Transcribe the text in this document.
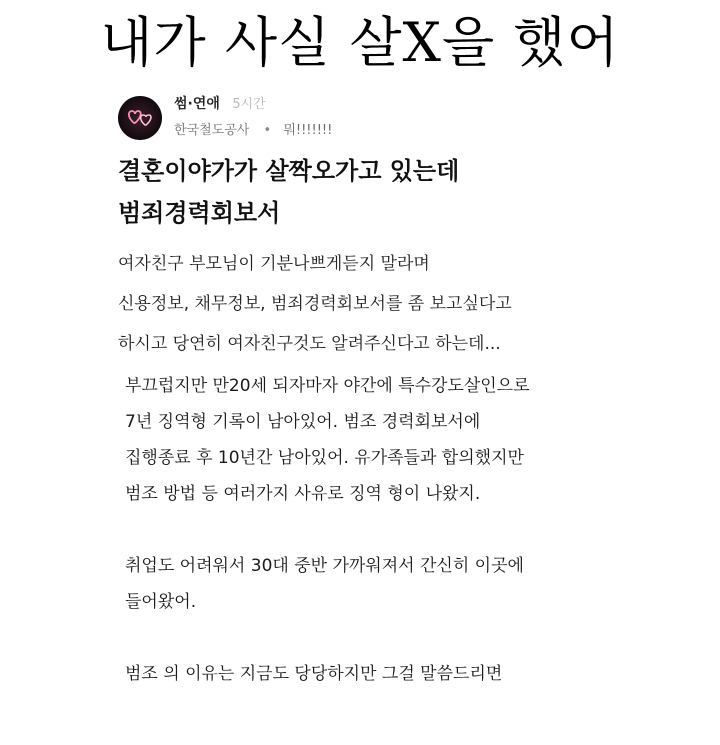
내가 사실 살X을 했어
썸·연애 5시간
한국철도공사 • 뭐!!!!!!!
결혼이야가가 살짝오가고 있는데
범죄경력회보서
여자친구 부모님이 기분나쁘게듣지 말라며
신용정보, 채무정보, 범죄경력회보서를 좀 보고싶다고
하시고 당연히 여자친구것도 알려주신다고 하는데...
부끄럽지만 만20세 되자마자 야간에 특수강도살인으로
7년 징역형 기록이 남아있어. 범조 경력회보서에
집행종료 후 10년간 남아있어. 유가족들과 합의했지만
범조 방법 등 여러가지 사유로 징역 형이 나왔지.
취업도 어려워서 30대 중반 가까워져서 간신히 이곳에
들어왔어.
범조 의 이유는 지금도 당당하지만 그걸 말씀드리면
